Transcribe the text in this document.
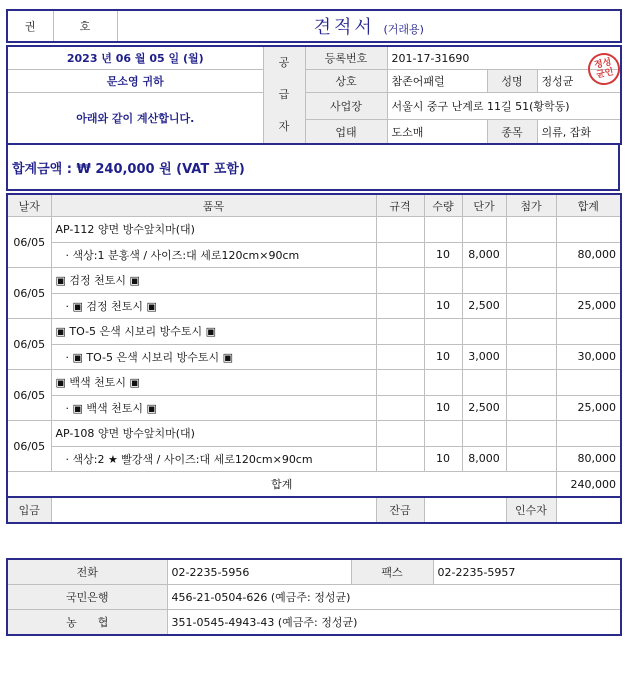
권	호	견적서 (거래용)
2023 년 06 월 05 일 (월)	공
급
자	등록번호	201-17-31690		
문소영 귀하		상호	참존어패럴	성명	정성균
아래와 같이 계산합니다.		사업장	서울시 중구 난계로 11길 51(황학동)		
		업태	도소매	종목	의류, 잡화
합계금액 : ₩ 240,000 원 (VAT 포함)
날자	품목	규격	수량	단가	첨가	합계
06/05	AP-112 양면 방수앞치마(대)					
	· 색상:1 분홍색 / 사이즈:대 세로120cm×90cm		10	8,000		80,000
06/05	▣ 검정 천토시 ▣					
	· ▣ 검정 천토시 ▣		10	2,500		25,000
06/05	▣ TO-5 은색 시보리 방수토시 ▣					
	· ▣ TO-5 은색 시보리 방수토시 ▣		10	3,000		30,000
06/05	▣ 백색 천토시 ▣					
	· ▣ 백색 천토시 ▣		10	2,500		25,000
06/05	AP-108 양면 방수앞치마(대)					
	· 색상:2 ★ 빨강색 / 사이즈:대 세로120cm×90cm		10	8,000		80,000
합계						240,000
입금		잔금		인수자	
정성
균인
전화	02-2235-5956	팩스	02-2235-5957
국민은행	456-21-0504-626 (예금주: 정성균)		
농      협	351-0545-4943-43 (예금주: 정성균)		
